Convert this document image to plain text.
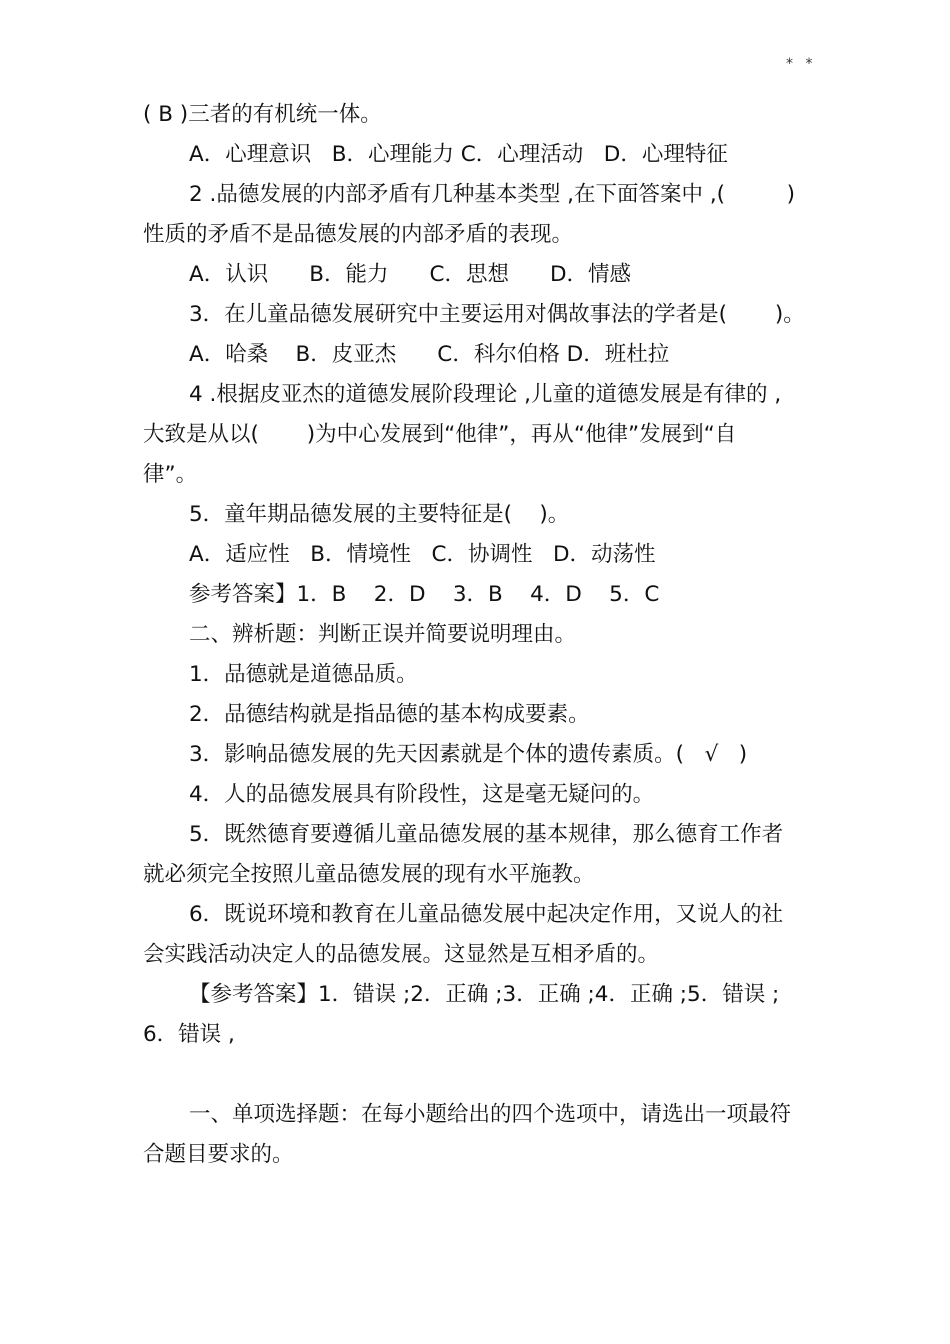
* *
( B )三者的有机统一体。
A．心理意识   B．心理能力 C．心理活动   D．心理特征
2 .品德发展的内部矛盾有几种基本类型 ,在下面答案中 ,(         )
性质的矛盾不是品德发展的内部矛盾的表现。
A．认识      B．能力      C．思想      D．情感
3．在儿童品德发展研究中主要运用对偶故事法的学者是(       )。
A．哈桑    B．皮亚杰      C．科尔伯格 D．班杜拉
4 .根据皮亚杰的道德发展阶段理论 ,儿童的道德发展是有律的 ,
大致是从以(       )为中心发展到“他律”，再从“他律”发展到“自
律”。
5．童年期品德发展的主要特征是(    )。
A．适应性   B．情境性   C．协调性   D．动荡性
参考答案】1．B    2．D    3．B    4．D    5．C
二、辨析题：判断正误并简要说明理由。
1．品德就是道德品质。
2．品德结构就是指品德的基本构成要素。
3．影响品德发展的先天因素就是个体的遗传素质。(   √   )
4．人的品德发展具有阶段性，这是毫无疑问的。
5．既然德育要遵循儿童品德发展的基本规律，那么德育工作者
就必须完全按照儿童品德发展的现有水平施教。
6．既说环境和教育在儿童品德发展中起决定作用，又说人的社
会实践活动决定人的品德发展。这显然是互相矛盾的。
【参考答案】1．错误 ;2．正确 ;3．正确 ;4．正确 ;5．错误 ;
6．错误 ,
一、单项选择题：在每小题给出的四个选项中，请选出一项最符
合题目要求的。
